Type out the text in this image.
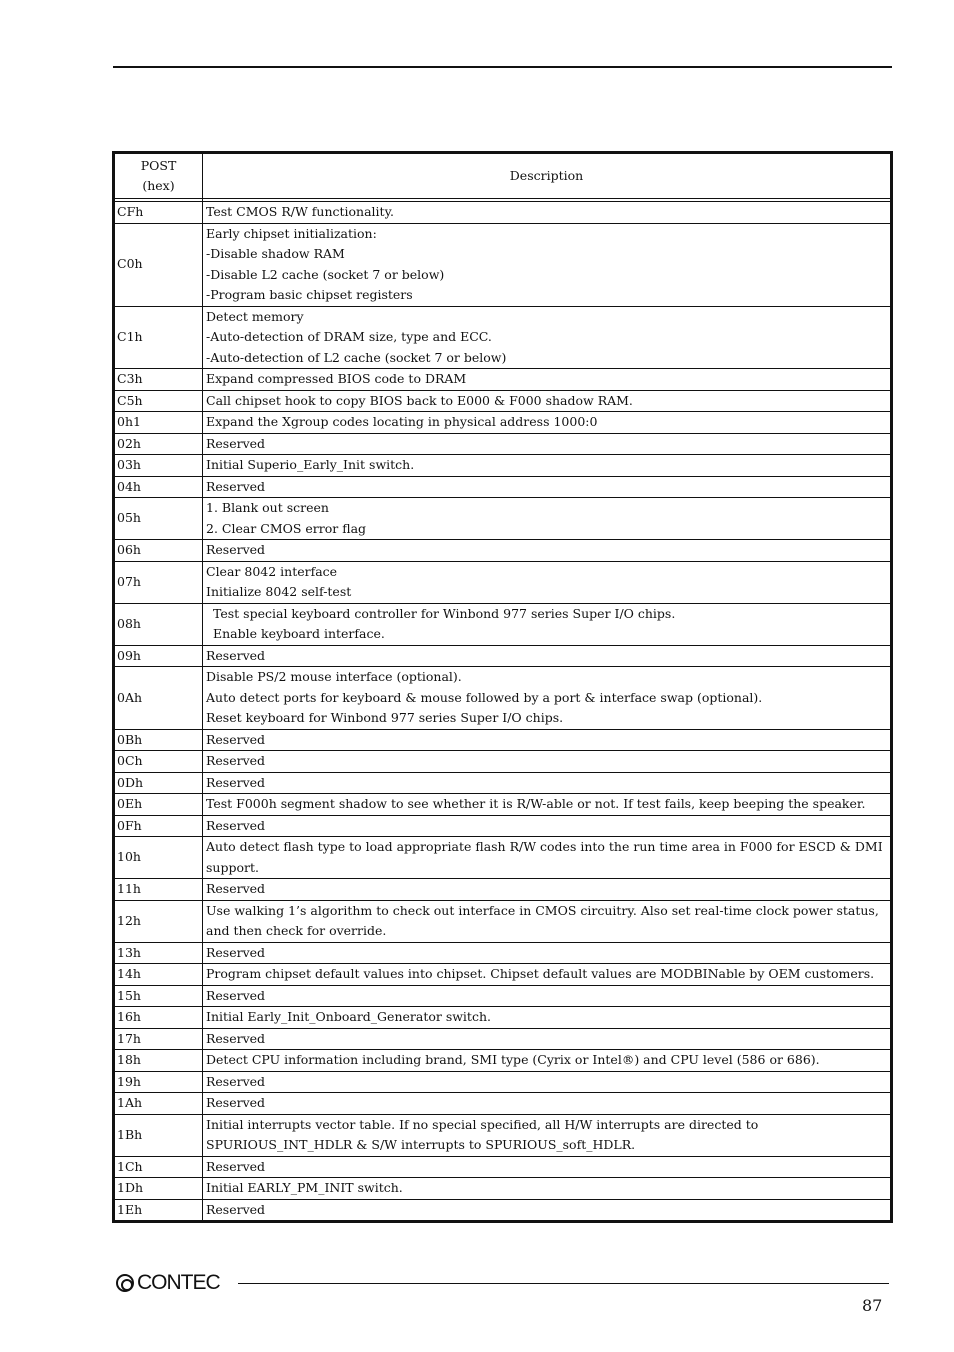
POST
(hex)	Description

CFh	Test CMOS R/W functionality.

C0h	Early chipset initialization:
-Disable shadow RAM
-Disable L2 cache (socket 7 or below)
-Program basic chipset registers

C1h	Detect memory
-Auto-detection of DRAM size, type and ECC.
-Auto-detection of L2 cache (socket 7 or below)

C3h	Expand compressed BIOS code to DRAM

C5h	Call chipset hook to copy BIOS back to E000 & F000 shadow RAM.

0h1	Expand the Xgroup codes locating in physical address 1000:0

02h	Reserved

03h	Initial Superio_Early_Init switch.

04h	Reserved

05h	1. Blank out screen
2. Clear CMOS error flag

06h	Reserved

07h	Clear 8042 interface
Initialize 8042 self-test

08h	Test special keyboard controller for Winbond 977 series Super I/O chips.
Enable keyboard interface.

09h	Reserved

0Ah	Disable PS/2 mouse interface (optional).
Auto detect ports for keyboard & mouse followed by a port & interface swap (optional).
Reset keyboard for Winbond 977 series Super I/O chips.

0Bh	Reserved

0Ch	Reserved

0Dh	Reserved

0Eh	Test F000h segment shadow to see whether it is R/W-able or not. If test fails, keep beeping the speaker.

0Fh	Reserved

10h	Auto detect flash type to load appropriate flash R/W codes into the run time area in F000 for ESCD & DMI
support.

11h	Reserved

12h	Use walking 1’s algorithm to check out interface in CMOS circuitry. Also set real-time clock power status,
and then check for override.

13h	Reserved

14h	Program chipset default values into chipset. Chipset default values are MODBINable by OEM customers.

15h	Reserved

16h	Initial Early_Init_Onboard_Generator switch.

17h	Reserved

18h	Detect CPU information including brand, SMI type (Cyrix or Intel®) and CPU level (586 or 686).

19h	Reserved

1Ah	Reserved

1Bh	Initial interrupts vector table. If no special specified, all H/W interrupts are directed to
SPURIOUS_INT_HDLR & S/W interrupts to SPURIOUS_soft_HDLR.

1Ch	Reserved

1Dh	Initial EARLY_PM_INIT switch.

1Eh	Reserved
CONTEC
87
